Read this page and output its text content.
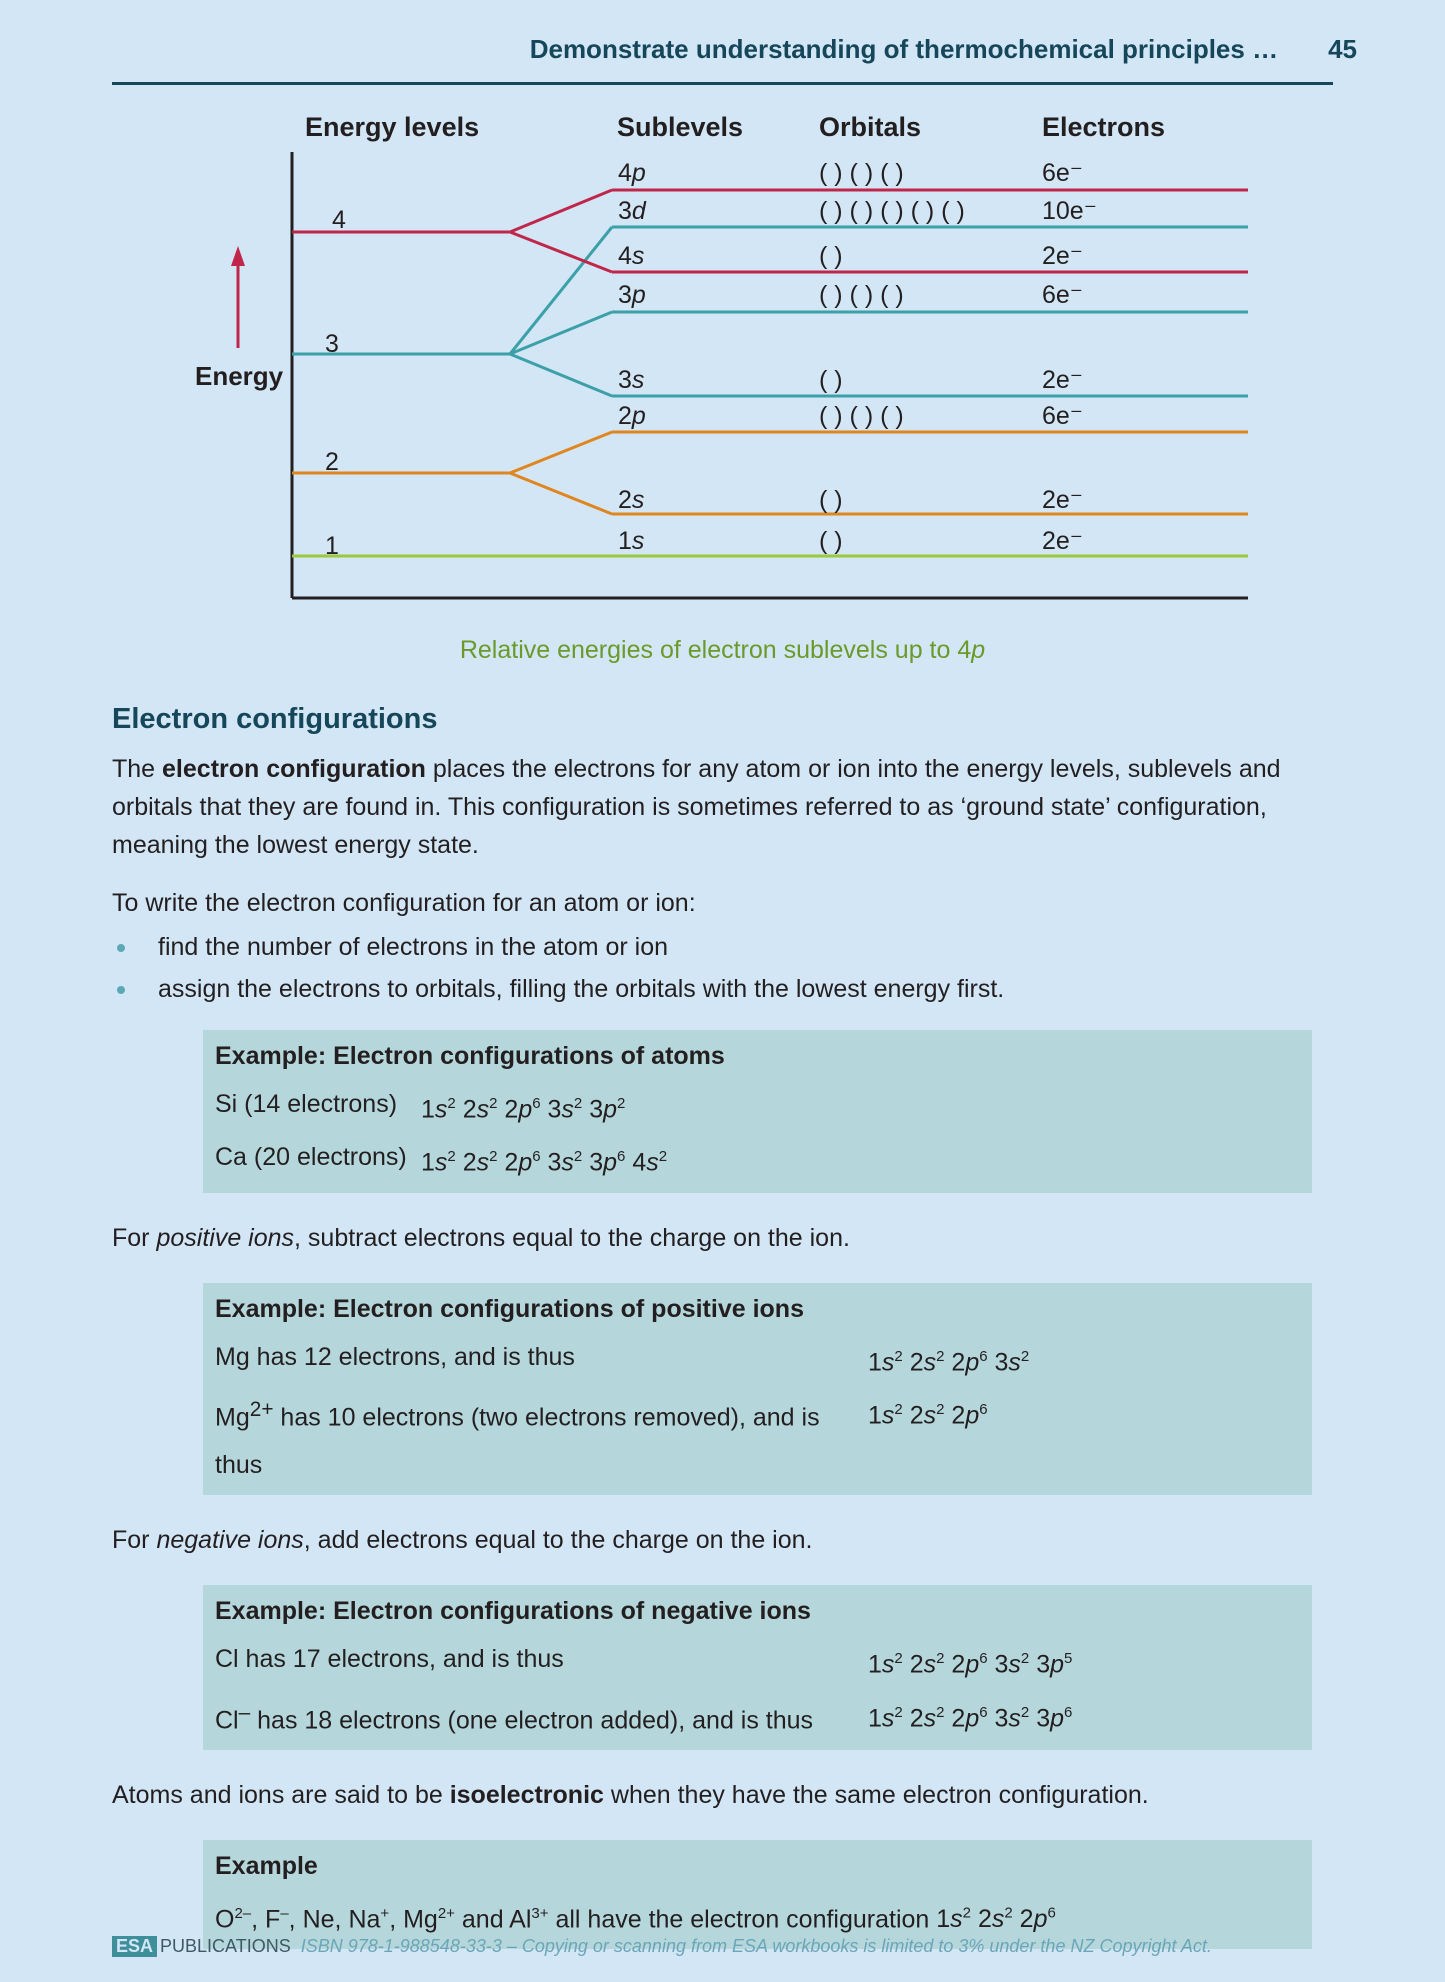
Demonstrate understanding of thermochemical principles … 45
Energy levels	Sublevels	Orbitals	Electrons
Energy
4
3
2
1
4p	( ) ( ) ( )	6e⁻
3d	( ) ( ) ( ) ( ) ( )	10e⁻
4s	( )	2e⁻
3p	( ) ( ) ( )	6e⁻
3s	( )	2e⁻
2p	( ) ( ) ( )	6e⁻
2s	( )	2e⁻
1s	( )	2e⁻
Relative energies of electron sublevels up to 4p
Electron configurations

The electron configuration places the electrons for any atom or ion into the energy levels, sublevels and orbitals that they are found in. This configuration is sometimes referred to as ‘ground state’ configuration, meaning the lowest energy state.

To write the electron configuration for an atom or ion:

find the number of electrons in the atom or ion
assign the electrons to orbitals, filling the orbitals with the lowest energy first.
Example: Electron configurations of atoms
Si (14 electrons) $1s^2$ $2s^2$ $2p^6$ $3s^2$ $3p^2$
Ca (20 electrons) $1s^2$ $2s^2$ $2p^6$ $3s^2$ $3p^6$ $4s^2$

For positive ions, subtract electrons equal to the charge on the ion.

Example: Electron configurations of positive ions
Mg has 12 electrons, and is thus	$1s^2$ $2s^2$ $2p^6$ $3s^2$
$Mg^{2+}$ has 10 electrons (two electrons removed), and is thus
$1s^2$ $2s^2$ $2p^6$

For negative ions, add electrons equal to the charge on the ion.

Example: Electron configurations of negative ions
Cl has 17 electrons, and is thus	$1s^2$ $2s^2$ $2p^6$ $3s^2$ $3p^5$
Cl– has 18 electrons (one electron added), and is thus	$1s^2$ $2s^2$ $2p^6$ $3s^2$ $3p^6$

Atoms and ions are said to be isoelectronic when they have the same electron configuration.

Example
$O^{2-}$, F–, Ne, Na+, $Mg^{2+}$ and $Al^{3+}$ all have the electron configuration $1s^2$ $2s^2$ $2p^6$
ESA PUBLICATIONS ISBN 978-1-988548-33-3 – Copying or scanning from ESA workbooks is limited to 3% under the NZ Copyright Act.
